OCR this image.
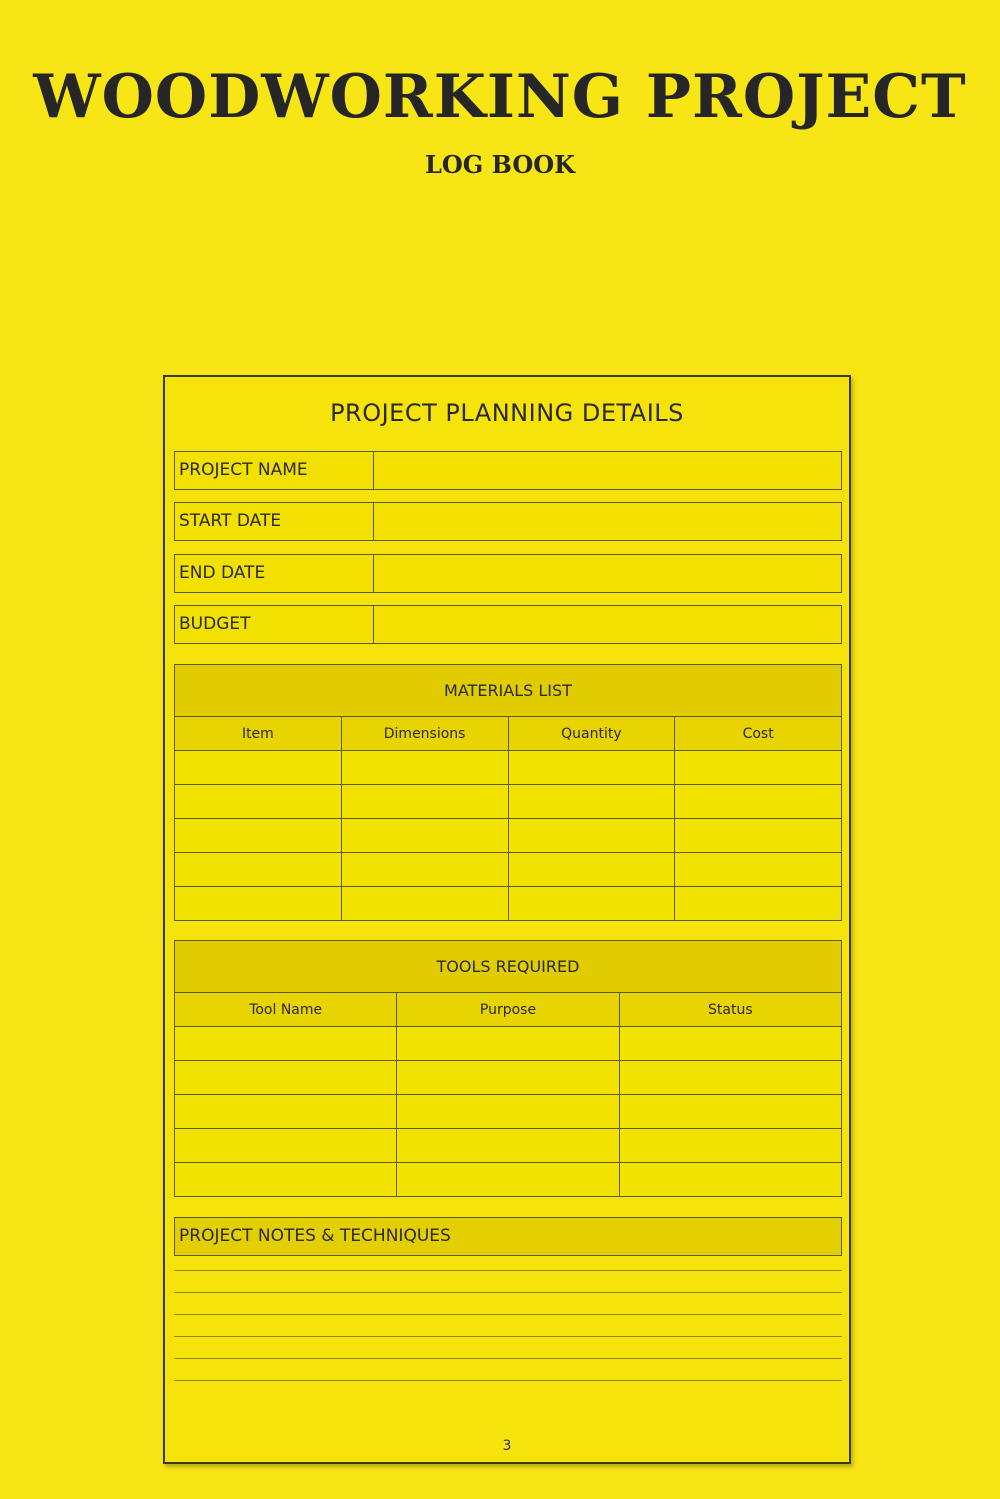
WOODWORKING PROJECT
LOG BOOK
PROJECT PLANNING DETAILS
PROJECT NAME
START DATE
END DATE
BUDGET
MATERIALS LIST			
Item	Dimensions	Quantity	Cost

TOOLS REQUIRED		
Tool Name	Purpose	Status

PROJECT NOTES & TECHNIQUES
3
